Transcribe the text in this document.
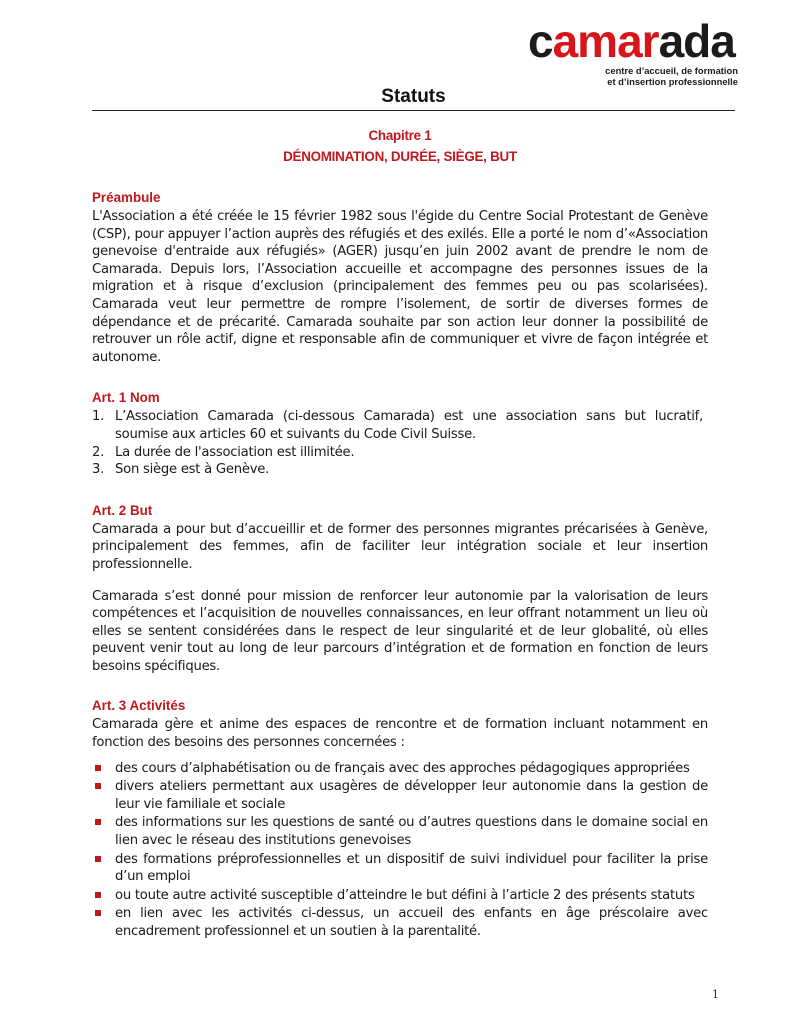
camarada
centre d’accueil, de formation
et d’insertion professionnelle
Statuts

Chapitre 1

DÉNOMINATION, DURÉE, SIÈGE, BUT

Préambule

L'Association a été créée le 15 février 1982 sous l'égide du Centre Social Protestant de Genève (CSP), pour appuyer l’action auprès des réfugiés et des exilés. Elle a porté le nom d’«Association genevoise d'entraide aux réfugiés» (AGER) jusqu’en juin 2002 avant de prendre le nom de Camarada. Depuis lors, l’Association accueille et accompagne des personnes issues de la migration et à risque d’exclusion (principalement des femmes peu ou pas scolarisées). Camarada veut leur permettre de rompre l’isolement, de sortir de diverses formes de dépendance et de précarité. Camarada souhaite par son action leur donner la possibilité de retrouver un rôle actif, digne et responsable afin de communiquer et vivre de façon intégrée et autonome.

Art. 1 Nom
1. L’Association Camarada (ci-dessous Camarada) est une association sans but lucratif, soumise aux articles 60 et suivants du Code Civil Suisse.
2. La durée de l'association est illimitée.
3. Son siège est à Genève.
Art. 2 But

Camarada a pour but d’accueillir et de former des personnes migrantes précarisées à Genève, principalement des femmes, afin de faciliter leur intégration sociale et leur insertion professionnelle.

Camarada s’est donné pour mission de renforcer leur autonomie par la valorisation de leurs compétences et l’acquisition de nouvelles connaissances, en leur offrant notamment un lieu où elles se sentent considérées dans le respect de leur singularité et de leur globalité, où elles peuvent venir tout au long de leur parcours d’intégration et de formation en fonction de leurs besoins spécifiques.

Art. 3 Activités

Camarada gère et anime des espaces de rencontre et de formation incluant notamment en fonction des besoins des personnes concernées :

des cours d’alphabétisation ou de français avec des approches pédagogiques appropriées
divers ateliers permettant aux usagères de développer leur autonomie dans la gestion de leur vie familiale et sociale
des informations sur les questions de santé ou d’autres questions dans le domaine social en lien avec le réseau des institutions genevoises
des formations préprofessionnelles et un dispositif de suivi individuel pour faciliter la prise d’un emploi
ou toute autre activité susceptible d’atteindre le but défini à l’article 2 des présents statuts
en lien avec les activités ci-dessus, un accueil des enfants en âge préscolaire avec encadrement professionnel et un soutien à la parentalité.
1
